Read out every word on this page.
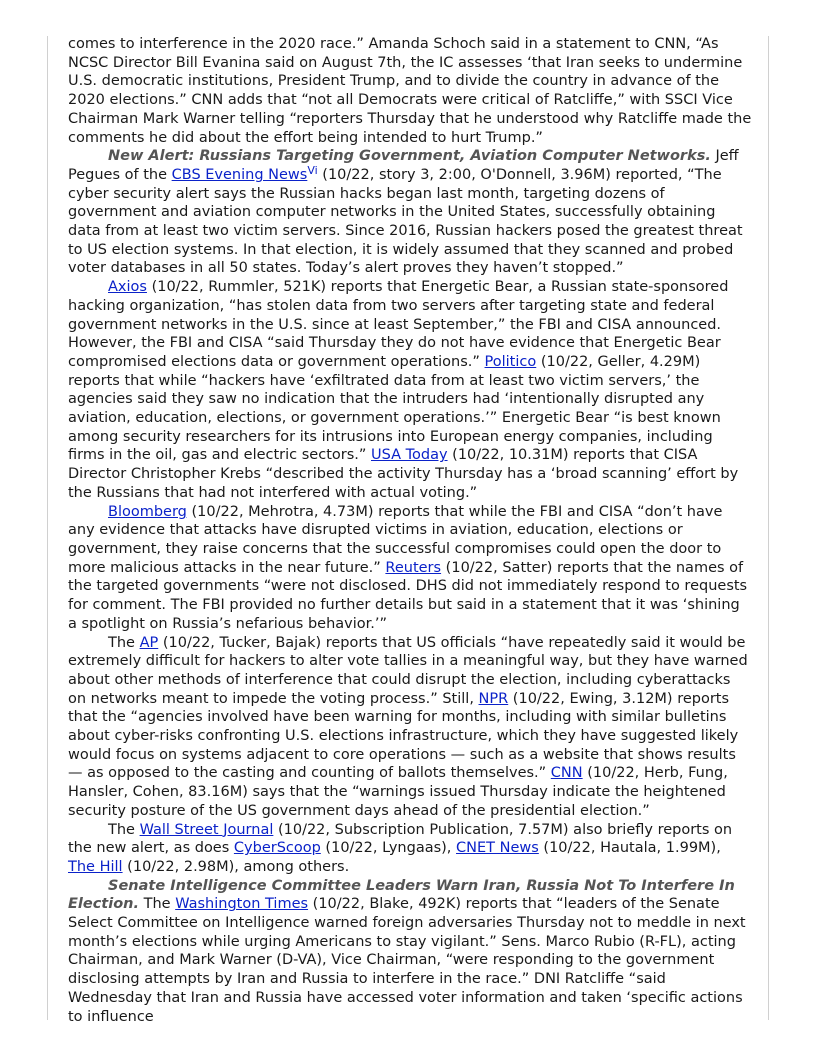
comes to interference in the 2020 race.” Amanda Schoch said in a statement to CNN, “As NCSC Director Bill Evanina said on August 7th, the IC assesses ‘that Iran seeks to undermine U.S. democratic institutions, President Trump, and to divide the country in advance of the 2020 elections.” CNN adds that “not all Democrats were critical of Ratcliffe,” with SSCI Vice Chairman Mark Warner telling “reporters Thursday that he understood why Ratcliffe made the comments he did about the effort being intended to hurt Trump.”

New Alert: Russians Targeting Government, Aviation Computer Networks. Jeff Pegues of the CBS Evening News$^{Vi}$ (10/22, story 3, 2:00, O'Donnell, 3.96M) reported, “The cyber security alert says the Russian hacks began last month, targeting dozens of government and aviation computer networks in the United States, successfully obtaining data from at least two victim servers. Since 2016, Russian hackers posed the greatest threat to US election systems. In that election, it is widely assumed that they scanned and probed voter databases in all 50 states. Today’s alert proves they haven’t stopped.”

Axios (10/22, Rummler, 521K) reports that Energetic Bear, a Russian state-sponsored hacking organization, “has stolen data from two servers after targeting state and federal government networks in the U.S. since at least September,” the FBI and CISA announced. However, the FBI and CISA “said Thursday they do not have evidence that Energetic Bear compromised elections data or government operations.” Politico (10/22, Geller, 4.29M) reports that while “hackers have ‘exfiltrated data from at least two victim servers,’ the agencies said they saw no indication that the intruders had ‘intentionally disrupted any aviation, education, elections, or government operations.’” Energetic Bear “is best known among security researchers for its intrusions into European energy companies, including firms in the oil, gas and electric sectors.” USA Today (10/22, 10.31M) reports that CISA Director Christopher Krebs “described the activity Thursday has a ‘broad scanning’ effort by the Russians that had not interfered with actual voting.”

Bloomberg (10/22, Mehrotra, 4.73M) reports that while the FBI and CISA “don’t have any evidence that attacks have disrupted victims in aviation, education, elections or government, they raise concerns that the successful compromises could open the door to more malicious attacks in the near future.” Reuters (10/22, Satter) reports that the names of the targeted governments “were not disclosed. DHS did not immediately respond to requests for comment. The FBI provided no further details but said in a statement that it was ‘shining a spotlight on Russia’s nefarious behavior.’”

The AP (10/22, Tucker, Bajak) reports that US officials “have repeatedly said it would be extremely difficult for hackers to alter vote tallies in a meaningful way, but they have warned about other methods of interference that could disrupt the election, including cyberattacks on networks meant to impede the voting process.” Still, NPR (10/22, Ewing, 3.12M) reports that the “agencies involved have been warning for months, including with similar bulletins about cyber-risks confronting U.S. elections infrastructure, which they have suggested likely would focus on systems adjacent to core operations — such as a website that shows results — as opposed to the casting and counting of ballots themselves.” CNN (10/22, Herb, Fung, Hansler, Cohen, 83.16M) says that the “warnings issued Thursday indicate the heightened security posture of the US government days ahead of the presidential election.”

The Wall Street Journal (10/22, Subscription Publication, 7.57M) also briefly reports on the new alert, as does CyberScoop (10/22, Lyngaas), CNET News (10/22, Hautala, 1.99M), The Hill (10/22, 2.98M), among others.

Senate Intelligence Committee Leaders Warn Iran, Russia Not To Interfere In Election. The Washington Times (10/22, Blake, 492K) reports that “leaders of the Senate Select Committee on Intelligence warned foreign adversaries Thursday not to meddle in next month’s elections while urging Americans to stay vigilant.” Sens. Marco Rubio (R-FL), acting Chairman, and Mark Warner (D-VA), Vice Chairman, “were responding to the government disclosing attempts by Iran and Russia to interfere in the race.” DNI Ratcliffe “said Wednesday that Iran and Russia have accessed voter information and taken ‘specific actions to influence
